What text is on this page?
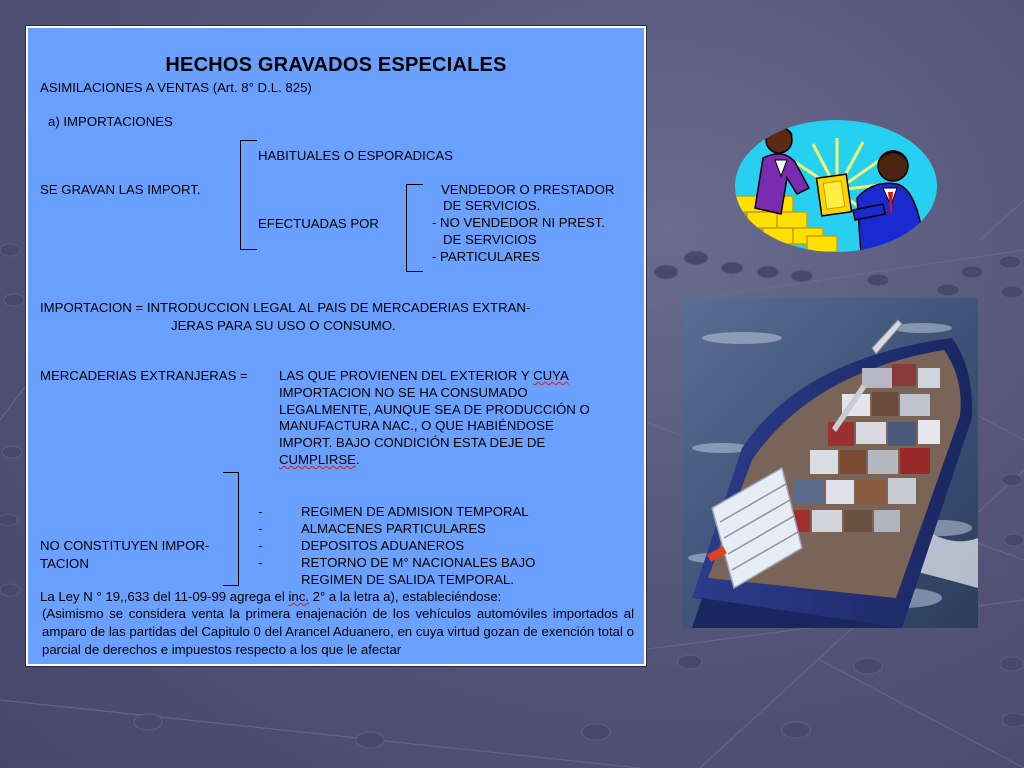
HECHOS GRAVADOS ESPECIALES
ASIMILACIONES A VENTAS (Art. 8° D.L. 825)
a) IMPORTACIONES
HABITUALES O ESPORADICAS
SE GRAVAN LAS IMPORT.
EFECTUADAS POR
VENDEDOR O PRESTADOR
DE SERVICIOS.
- NO VENDEDOR NI PREST.
DE SERVICIOS
- PARTICULARES
IMPORTACION = INTRODUCCION LEGAL AL PAIS DE MERCADERIAS EXTRAN-
JERAS PARA SU USO O CONSUMO.
MERCADERIAS EXTRANJERAS = LAS QUE PROVIENEN DEL EXTERIOR Y CUYA
IMPORTACION NO SE HA CONSUMADO
LEGALMENTE, AUNQUE SEA DE PRODUCCIÓN O
MANUFACTURA NAC., O QUE HABIÉNDOSE
IMPORT. BAJO CONDICIÓN ESTA DEJE DE
CUMPLIRSE.
NO CONSTITUYEN IMPOR-
TACION
-	REGIMEN DE ADMISION TEMPORAL
-	ALMACENES PARTICULARES
-	DEPOSITOS ADUANEROS
-	RETORNO DE M° NACIONALES BAJO
REGIMEN DE SALIDA TEMPORAL.
La Ley N ° 19,,633 del 11-09-99 agrega el inc. 2° a la letra a), estableciéndose:
(Asimismo se considera venta la primera enajenación de los vehículos automóviles importados al amparo de las partidas del Capitulo 0 del Arancel Aduanero, en cuya virtud gozan de exención total o parcial de derechos e impuestos respecto a los que le afectar
